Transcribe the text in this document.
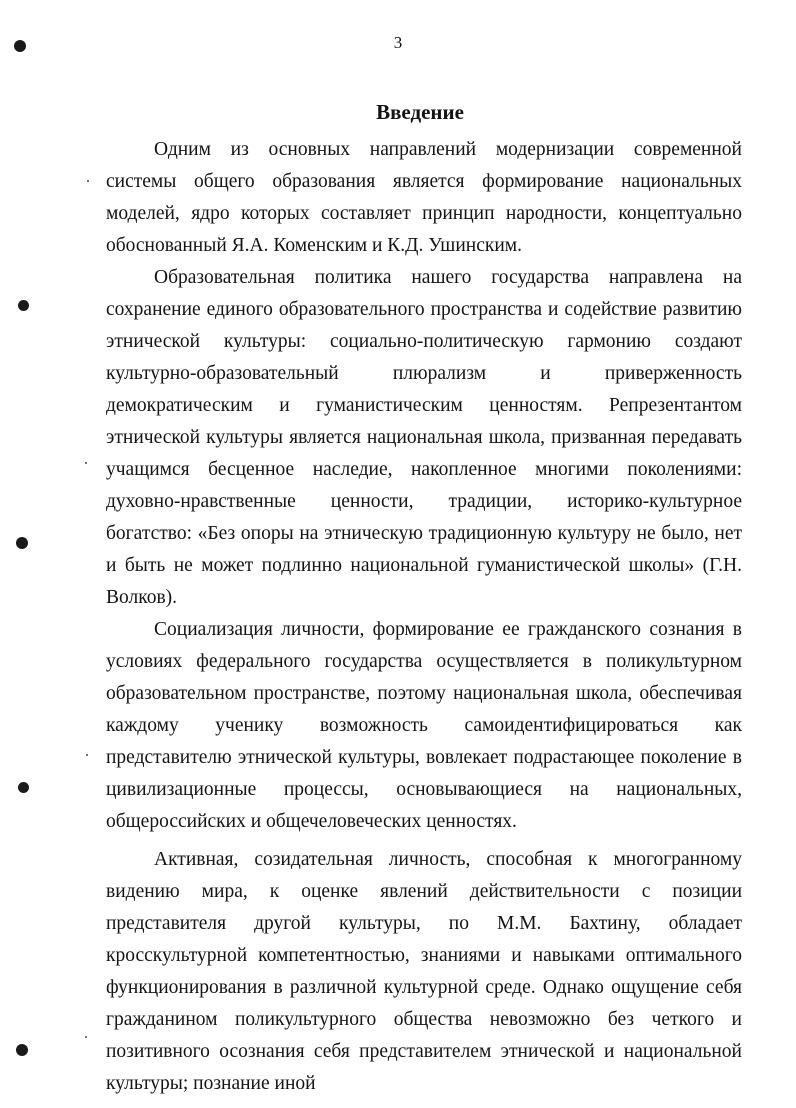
3
Введение

Одним из основных направлений модернизации современной системы общего образования является формирование национальных моделей, ядро которых составляет принцип народности, концептуально обоснованный Я.А. Коменским и К.Д. Ушинским.

Образовательная политика нашего государства направлена на сохранение единого образовательного пространства и содействие развитию этнической культуры: социально-политическую гармонию создают культурно-образовательный плюрализм и приверженность демократическим и гуманистическим ценностям. Репрезентантом этнической культуры является национальная школа, призванная передавать учащимся бесценное наследие, накопленное многими поколениями: духовно-нравственные ценности, традиции, историко-культурное богатство: «Без опоры на этническую традиционную культуру не было, нет и быть не может подлинно национальной гуманистической школы» (Г.Н. Волков).

Социализация личности, формирование ее гражданского сознания в условиях федерального государства осуществляется в поликультурном образовательном пространстве, поэтому национальная школа, обеспечивая каждому ученику возможность самоидентифицироваться как представителю этнической культуры, вовлекает подрастающее поколение в цивилизационные процессы, основывающиеся на национальных, общероссийских и общечеловеческих ценностях.

Активная, созидательная личность, способная к многогранному видению мира, к оценке явлений действительности с позиции представителя другой культуры, по М.М. Бахтину, обладает кросскультурной компетентностью, знаниями и навыками оптимального функционирования в различной культурной среде. Однако ощущение себя гражданином поликультурного общества невозможно без четкого и позитивного осознания себя представителем этнической и национальной культуры; познание иной
